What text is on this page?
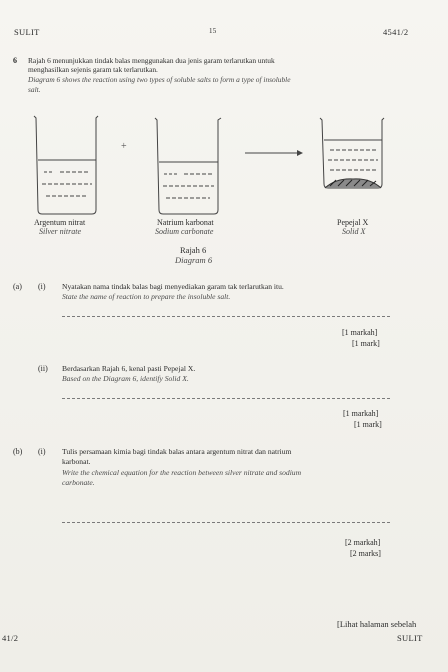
SULIT	15	4541/2
6 Rajah 6 menunjukkan tindak balas menggunakan dua jenis garam terlarutkan untuk
menghasilkan sejenis garam tak terlarutkan.
Diagram 6 shows the reaction using two types of soluble salts to form a type of insoluble
salt.
+
Argentum nitrat
Silver nitrate
Natrium karbonat
Sodium carbonate
Pepejal X
Solid X
Rajah 6
Diagram 6
(a) (i) Nyatakan nama tindak balas bagi menyediakan garam tak terlarutkan itu.
State the name of reaction to prepare the insoluble salt.
[1 markah]
[1 mark]
(ii) Berdasarkan Rajah 6, kenal pasti Pepejal X.
Based on the Diagram 6, identify Solid X.
[1 markah]
[1 mark]
(b) (i) Tulis persamaan kimia bagi tindak balas antara argentum nitrat dan natrium
karbonat.
Write the chemical equation for the reaction between silver nitrate and sodium
carbonate.
[2 markah]
[2 marks]
[Lihat halaman sebelah
41/2	SULIT
